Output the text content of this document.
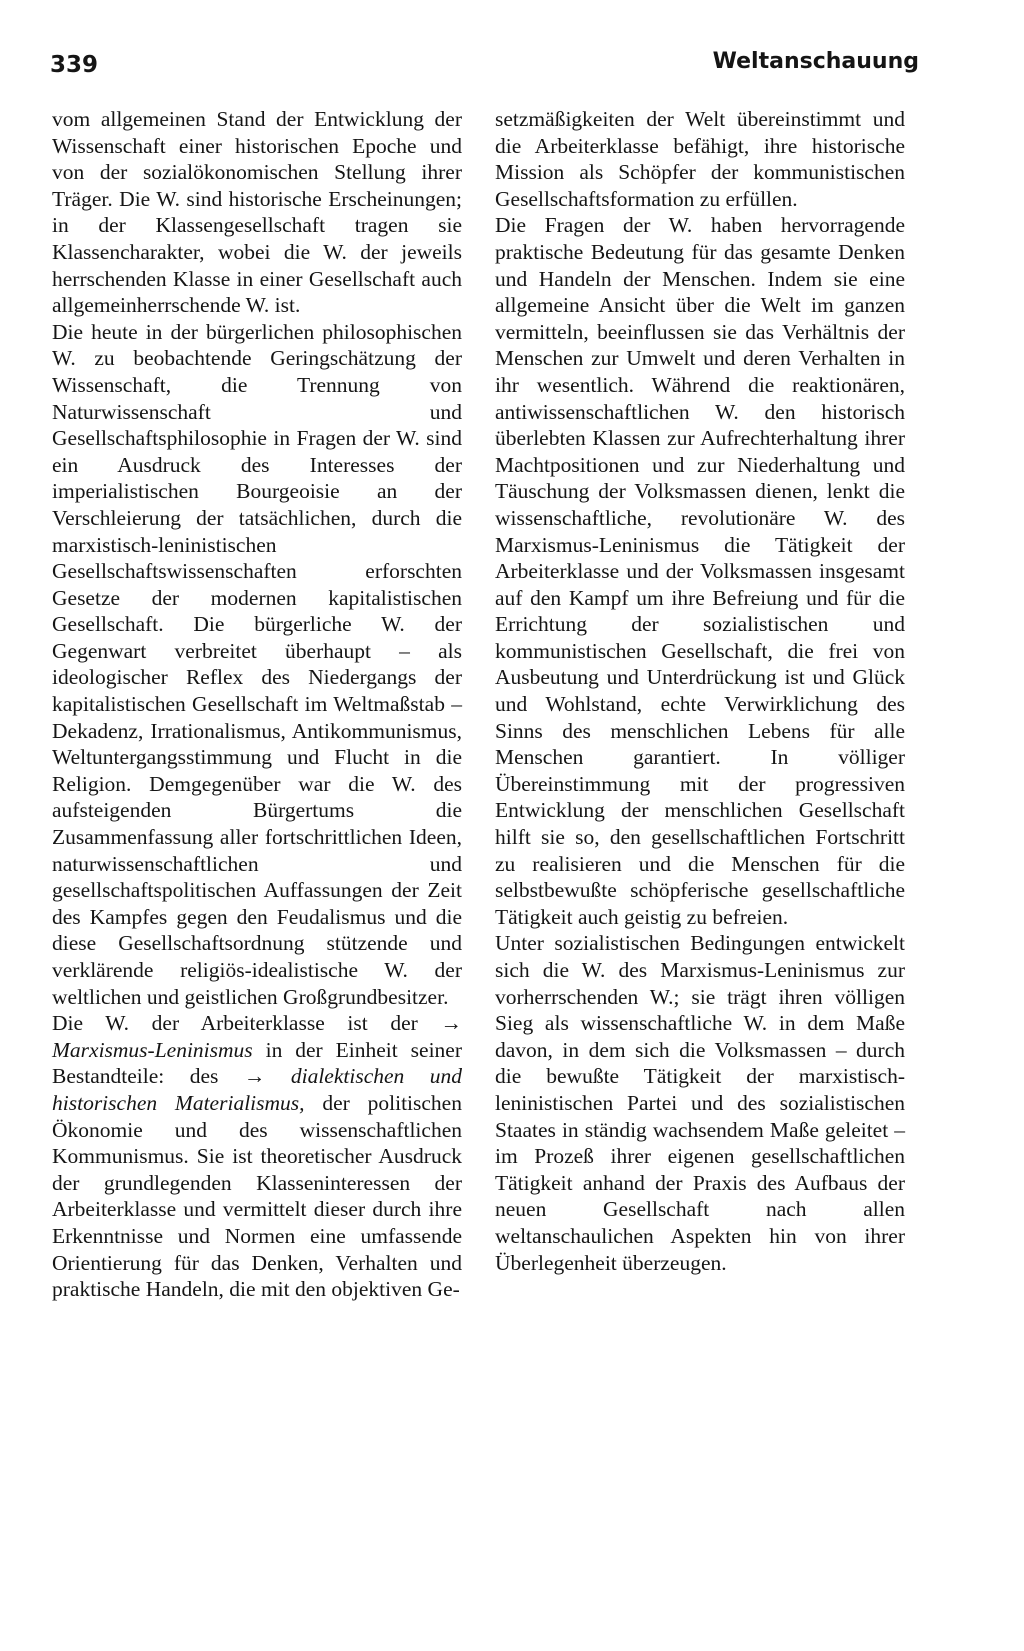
339	Weltanschauung

vom allgemeinen Stand der Entwicklung der Wissenschaft einer historischen Epoche und von der sozialökonomischen Stellung ihrer Träger. Die W. sind historische Erscheinungen; in der Klassengesellschaft tragen sie Klassencharakter, wobei die W. der jeweils herrschenden Klasse in einer Gesellschaft auch allgemeinherrschende W. ist.

Die heute in der bürgerlichen philosophischen W. zu beobachtende Geringschätzung der Wissenschaft, die Trennung von Naturwissenschaft und Gesellschaftsphilosophie in Fragen der W. sind ein Ausdruck des Interesses der imperialistischen Bourgeoisie an der Verschleierung der tatsächlichen, durch die marxistisch-leninistischen Gesellschaftswissenschaften erforschten Gesetze der modernen kapitalistischen Gesellschaft. Die bürgerliche W. der Gegenwart verbreitet überhaupt – als ideologischer Reflex des Niedergangs der kapitalistischen Gesellschaft im Weltmaßstab – Dekadenz, Irrationalismus, Antikommunismus, Weltuntergangsstimmung und Flucht in die Religion. Demgegenüber war die W. des aufsteigenden Bürgertums die Zusammenfassung aller fortschrittlichen Ideen, naturwissenschaftlichen und gesellschaftspolitischen Auffassungen der Zeit des Kampfes gegen den Feudalismus und die diese Gesellschaftsordnung stützende und verklärende religiös-idealistische W. der weltlichen und geistlichen Großgrundbesitzer.

Die W. der Arbeiterklasse ist der → Marxismus-Leninismus in der Einheit seiner Bestandteile: des → dialektischen und historischen Materialismus, der politischen Ökonomie und des wissenschaftlichen Kommunismus. Sie ist theoretischer Ausdruck der grundlegenden Klasseninteressen der Arbeiterklasse und vermittelt dieser durch ihre Erkenntnisse und Normen eine umfassende Orientierung für das Denken, Verhalten und praktische Handeln, die mit den objektiven Ge-

setzmäßigkeiten der Welt übereinstimmt und die Arbeiterklasse befähigt, ihre historische Mission als Schöpfer der kommunistischen Gesellschaftsformation zu erfüllen.

Die Fragen der W. haben hervorragende praktische Bedeutung für das gesamte Denken und Handeln der Menschen. Indem sie eine allgemeine Ansicht über die Welt im ganzen vermitteln, beeinflussen sie das Verhältnis der Menschen zur Umwelt und deren Verhalten in ihr wesentlich. Während die reaktionären, antiwissenschaftlichen W. den historisch überlebten Klassen zur Aufrechterhaltung ihrer Machtpositionen und zur Niederhaltung und Täuschung der Volksmassen dienen, lenkt die wissenschaftliche, revolutionäre W. des Marxismus-Leninismus die Tätigkeit der Arbeiterklasse und der Volksmassen insgesamt auf den Kampf um ihre Befreiung und für die Errichtung der sozialistischen und kommunistischen Gesellschaft, die frei von Ausbeutung und Unterdrückung ist und Glück und Wohlstand, echte Verwirklichung des Sinns des menschlichen Lebens für alle Menschen garantiert. In völliger Übereinstimmung mit der progressiven Entwicklung der menschlichen Gesellschaft hilft sie so, den gesellschaftlichen Fortschritt zu realisieren und die Menschen für die selbstbewußte schöpferische gesellschaftliche Tätigkeit auch geistig zu befreien.

Unter sozialistischen Bedingungen entwickelt sich die W. des Marxismus-Leninismus zur vorherrschenden W.; sie trägt ihren völligen Sieg als wissenschaftliche W. in dem Maße davon, in dem sich die Volksmassen – durch die bewußte Tätigkeit der marxistisch-leninistischen Partei und des sozialistischen Staates in ständig wachsendem Maße geleitet – im Prozeß ihrer eigenen gesellschaftlichen Tätigkeit anhand der Praxis des Aufbaus der neuen Gesellschaft nach allen weltanschaulichen Aspekten hin von ihrer Überlegenheit überzeugen.
